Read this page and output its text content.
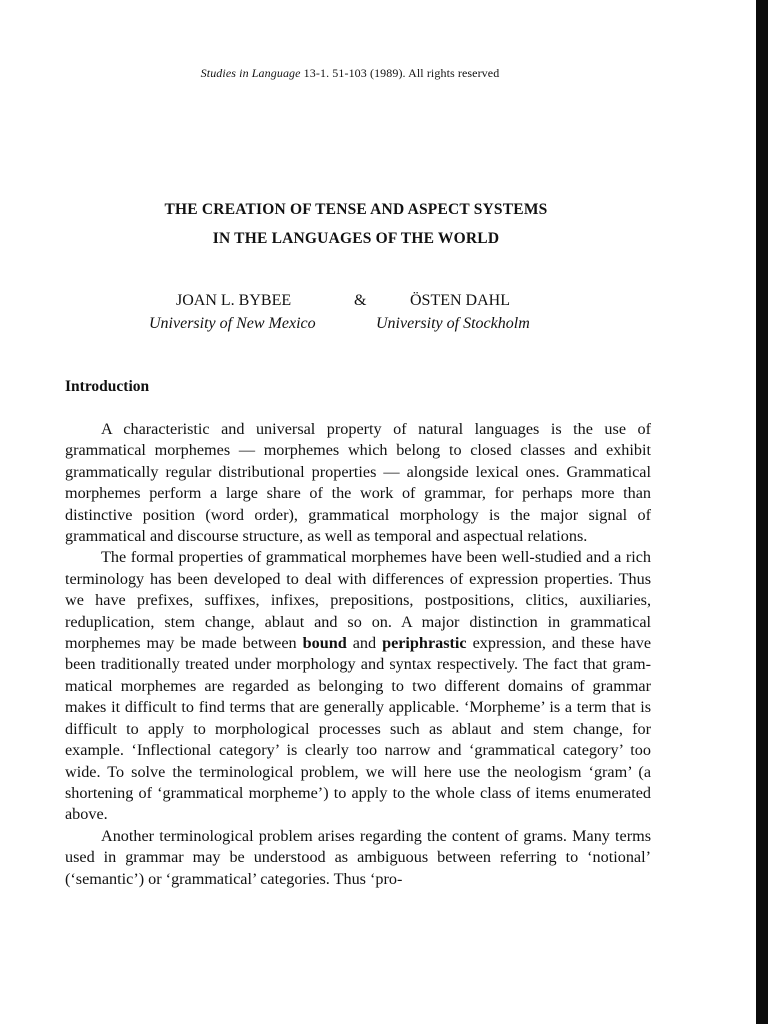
Studies in Language 13-1. 51-103 (1989). All rights reserved
THE CREATION OF TENSE AND ASPECT SYSTEMS
IN THE LANGUAGES OF THE WORLD
JOAN L. BYBEE	&	ÖSTEN DAHL
University of New Mexico	University of Stockholm
Introduction

A characteristic and universal property of natural languages is the use of grammatical morphemes — morphemes which belong to closed classes and exhibit grammatically regular distributional properties — alongside lexical ones. Grammatical morphemes perform a large share of the work of grammar, for perhaps more than distinctive position (word order), grammatical morphology is the major signal of grammatical and discourse structure, as well as temporal and aspectual relations.

The formal properties of grammatical morphemes have been well-studied and a rich terminology has been developed to deal with differences of expression properties. Thus we have prefixes, suffixes, infixes, prepositions, postpositions, clitics, auxiliaries, reduplication, stem change, ablaut and so on. A major distinction in grammatical morphemes may be made between bound and periphrastic expression, and these have been traditionally treated under morphology and syntax respectively. The fact that grammatical morphemes are regarded as belonging to two different domains of grammar makes it difficult to find terms that are generally applicable. ‘Morpheme’ is a term that is difficult to apply to morphological processes such as ablaut and stem change, for example. ‘Inflectional category’ is clearly too narrow and ‘grammatical category’ too wide. To solve the terminological problem, we will here use the neologism ‘gram’ (a shortening of ‘grammatical morpheme’) to apply to the whole class of items enumerated above.

Another terminological problem arises regarding the content of grams. Many terms used in grammar may be understood as ambiguous between referring to ‘notional’ (‘semantic’) or ‘grammatical’ categories. Thus ‘pro-
